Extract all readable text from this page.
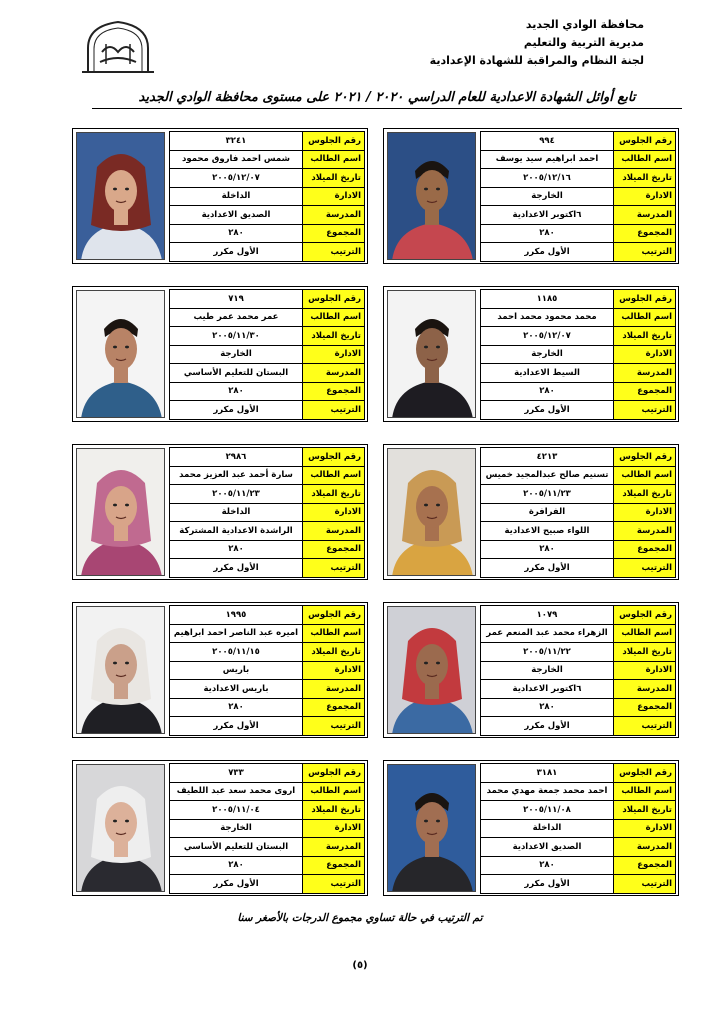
محافظة الوادي الجديد
مديرية التربية والتعليم
لجنة النظام والمراقبة للشهادة الإعدادية
تابع أوائل الشهادة الاعدادية للعام الدراسي ٢٠٢٠ / ٢٠٢١ على مستوى محافظة الوادي الجديد
رقم الجلوس	٩٩٤
اسم الطالب	احمد ابراهيم سيد يوسف
تاريخ الميلاد	٢٠٠٥/١٢/١٦
الادارة	الخارجة
المدرسة	٦اكتوبر الاعدادية
المجموع	٢٨٠
الترتيب	الأول مكرر
رقم الجلوس	٣٢٤١
اسم الطالب	شمس احمد فاروق محمود
تاريخ الميلاد	٢٠٠٥/١٢/٠٧
الادارة	الداخلة
المدرسة	الصديق الاعدادية
المجموع	٢٨٠
الترتيب	الأول مكرر
رقم الجلوس	١١٨٥
اسم الطالب	محمد محمود محمد احمد
تاريخ الميلاد	٢٠٠٥/١٢/٠٧
الادارة	الخارجة
المدرسة	السيط الاعدادية
المجموع	٢٨٠
الترتيب	الأول مكرر
رقم الجلوس	٧١٩
اسم الطالب	عمر محمد عمر طيب
تاريخ الميلاد	٢٠٠٥/١١/٣٠
الادارة	الخارجة
المدرسة	البستان للتعليم الأساسي
المجموع	٢٨٠
الترتيب	الأول مكرر
رقم الجلوس	٤٢١٣
اسم الطالب	تسنيم صالح عبدالمجيد خميس
تاريخ الميلاد	٢٠٠٥/١١/٢٣
الادارة	الفرافرة
المدرسة	اللواء صبيح الاعدادية
المجموع	٢٨٠
الترتيب	الأول مكرر
رقم الجلوس	٢٩٨٦
اسم الطالب	سارة أحمد عبد العزيز محمد
تاريخ الميلاد	٢٠٠٥/١١/٢٣
الادارة	الداخلة
المدرسة	الراشدة الاعدادية المشتركة
المجموع	٢٨٠
الترتيب	الأول مكرر
رقم الجلوس	١٠٧٩
اسم الطالب	الزهراء محمد عبد المنعم عمر
تاريخ الميلاد	٢٠٠٥/١١/٢٢
الادارة	الخارجة
المدرسة	٦اكتوبر الاعدادية
المجموع	٢٨٠
الترتيب	الأول مكرر
رقم الجلوس	١٩٩٥
اسم الطالب	اميره عبد الناصر احمد ابراهيم
تاريخ الميلاد	٢٠٠٥/١١/١٥
الادارة	باريس
المدرسة	باريس الاعدادية
المجموع	٢٨٠
الترتيب	الأول مكرر
رقم الجلوس	٣١٨١
اسم الطالب	احمد محمد جمعة مهدي محمد
تاريخ الميلاد	٢٠٠٥/١١/٠٨
الادارة	الداخلة
المدرسة	الصديق الاعدادية
المجموع	٢٨٠
الترتيب	الأول مكرر
رقم الجلوس	٧٣٣
اسم الطالب	اروى محمد سعد عبد اللطيف
تاريخ الميلاد	٢٠٠٥/١١/٠٤
الادارة	الخارجة
المدرسة	البستان للتعليم الأساسي
المجموع	٢٨٠
الترتيب	الأول مكرر
تم الترتيب في حالة تساوي مجموع الدرجات بالأصغر سنا
(٥)
